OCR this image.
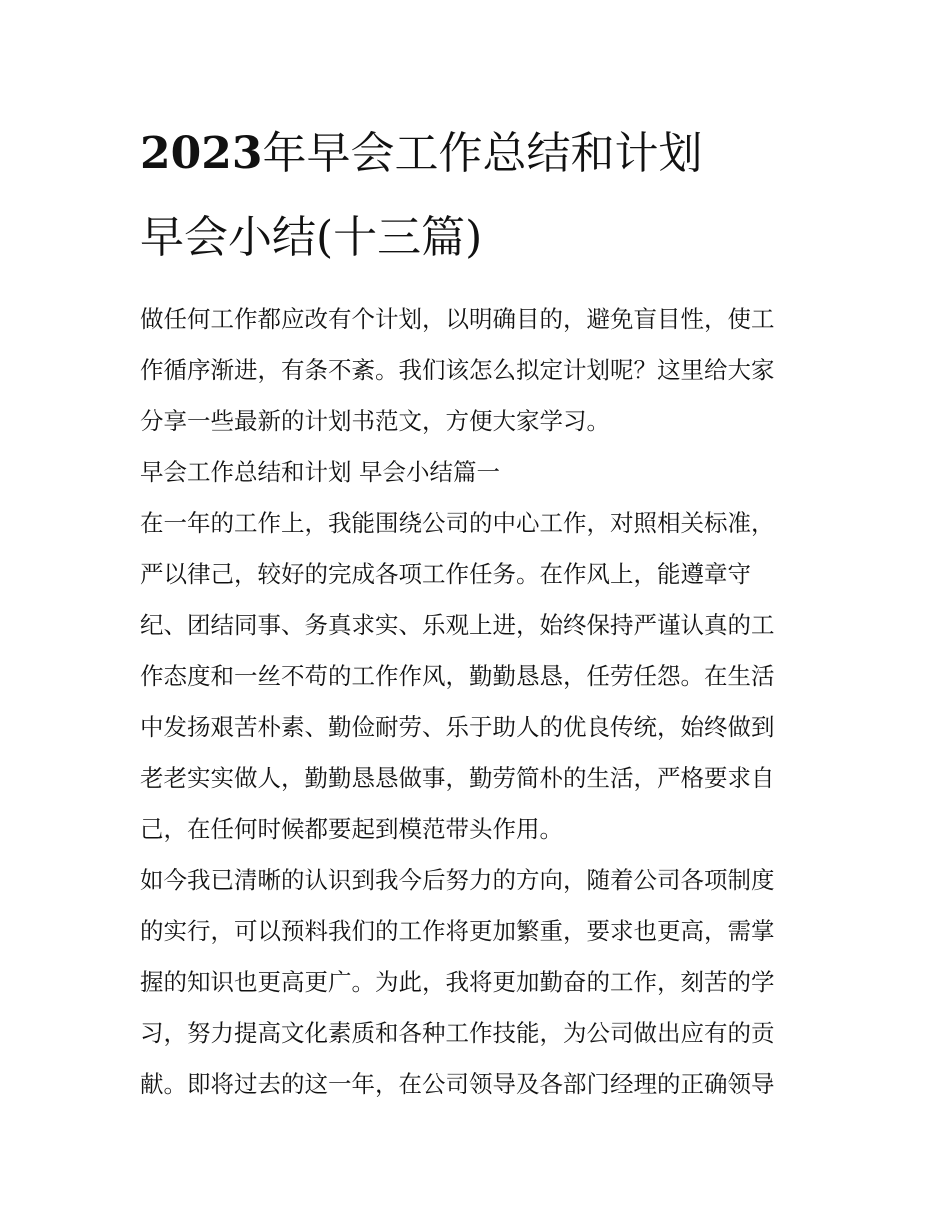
2023年早会工作总结和计划
早会小结(十三篇)

做任何工作都应改有个计划，以明确目的，避免盲目性，使工
作循序渐进，有条不紊。我们该怎么拟定计划呢？这里给大家
分享一些最新的计划书范文，方便大家学习。

早会工作总结和计划 早会小结篇一

在一年的工作上，我能围绕公司的中心工作，对照相关标准，
严以律己，较好的完成各项工作任务。在作风上，能遵章守
纪、团结同事、务真求实、乐观上进，始终保持严谨认真的工
作态度和一丝不苟的工作作风，勤勤恳恳，任劳任怨。在生活
中发扬艰苦朴素、勤俭耐劳、乐于助人的优良传统，始终做到
老老实实做人，勤勤恳恳做事，勤劳简朴的生活，严格要求自
己，在任何时候都要起到模范带头作用。

如今我已清晰的认识到我今后努力的方向，随着公司各项制度
的实行，可以预料我们的工作将更加繁重，要求也更高，需掌
握的知识也更高更广。为此，我将更加勤奋的工作，刻苦的学
习，努力提高文化素质和各种工作技能，为公司做出应有的贡
献。即将过去的这一年，在公司领导及各部门经理的正确领导
